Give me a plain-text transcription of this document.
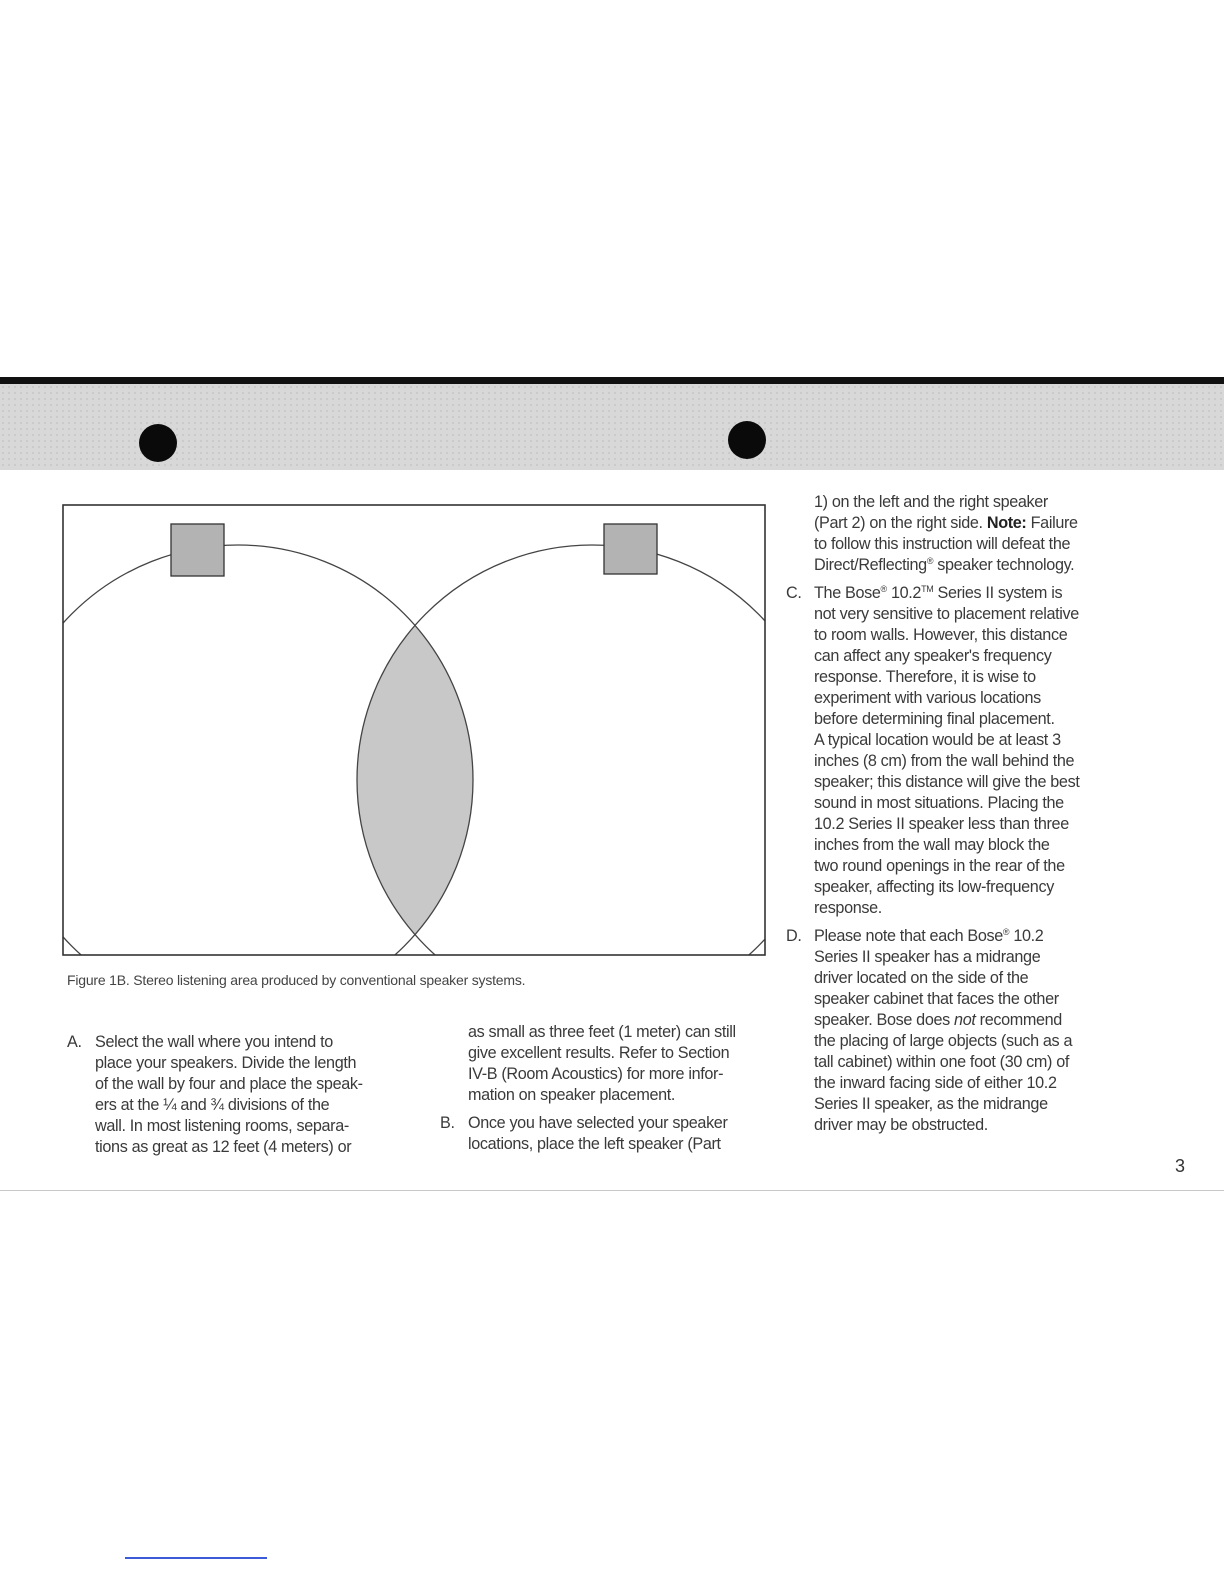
Figure 1B. Stereo listening area produced by conventional speaker systems.
A. Select the wall where you intend to
place your speakers. Divide the length
of the wall by four and place the speak-
ers at the ¼ and ¾ divisions of the
wall. In most listening rooms, separa-
tions as great as 12 feet (4 meters) or
as small as three feet (1 meter) can still
give excellent results. Refer to Section
IV-B (Room Acoustics) for more infor-
mation on speaker placement.
B. Once you have selected your speaker
locations, place the left speaker (Part
1) on the left and the right speaker
(Part 2) on the right side. Note: Failure
to follow this instruction will defeat the
Direct/Reflecting® speaker technology.
C. The Bose® 10.2™ Series II system is
not very sensitive to placement relative
to room walls. However, this distance
can affect any speaker's frequency
response. Therefore, it is wise to
experiment with various locations
before determining final placement.
A typical location would be at least 3
inches (8 cm) from the wall behind the
speaker; this distance will give the best
sound in most situations. Placing the
10.2 Series II speaker less than three
inches from the wall may block the
two round openings in the rear of the
speaker, affecting its low-frequency
response.
D. Please note that each Bose® 10.2
Series II speaker has a midrange
driver located on the side of the
speaker cabinet that faces the other
speaker. Bose does not recommend
the placing of large objects (such as a
tall cabinet) within one foot (30 cm) of
the inward facing side of either 10.2
Series II speaker, as the midrange
driver may be obstructed.
3
